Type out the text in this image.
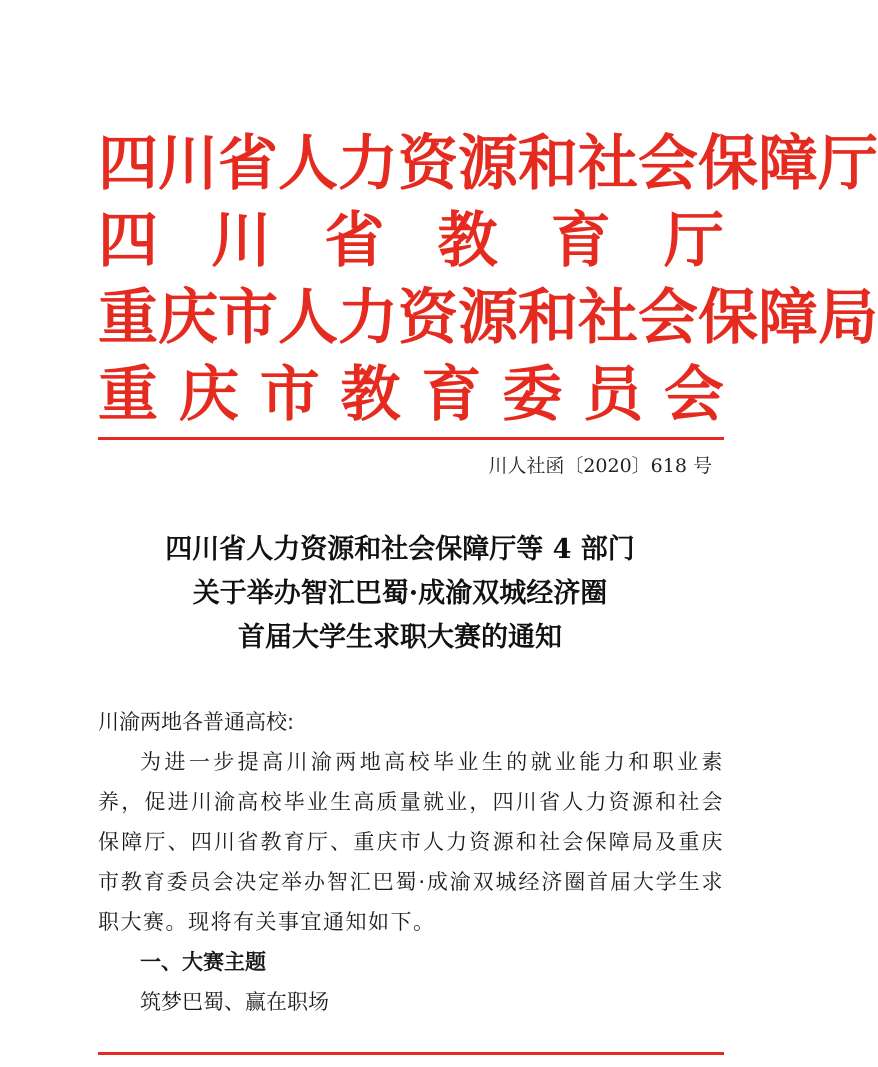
四 川 省 人 力 资 源 和 社 会 保 障 厅
四 川 省 教 育 厅
重 庆 市 人 力 资 源 和 社 会 保 障 局
重 庆 市 教 育 委 员 会
川人社函〔2020〕618 号
四川省人力资源和社会保障厅等 4 部门
关于举办智汇巴蜀·成渝双城经济圈
首届大学生求职大赛的通知
川渝两地各普通高校:
为进一步提高川渝两地高校毕业生的就业能力和职业素养，促进川渝高校毕业生高质量就业，四川省人力资源和社会保障厅、四川省教育厅、重庆市人力资源和社会保障局及重庆市教育委员会决定举办智汇巴蜀·成渝双城经济圈首届大学生求职大赛。现将有关事宜通知如下。
一、大赛主题
筑梦巴蜀、赢在职场
